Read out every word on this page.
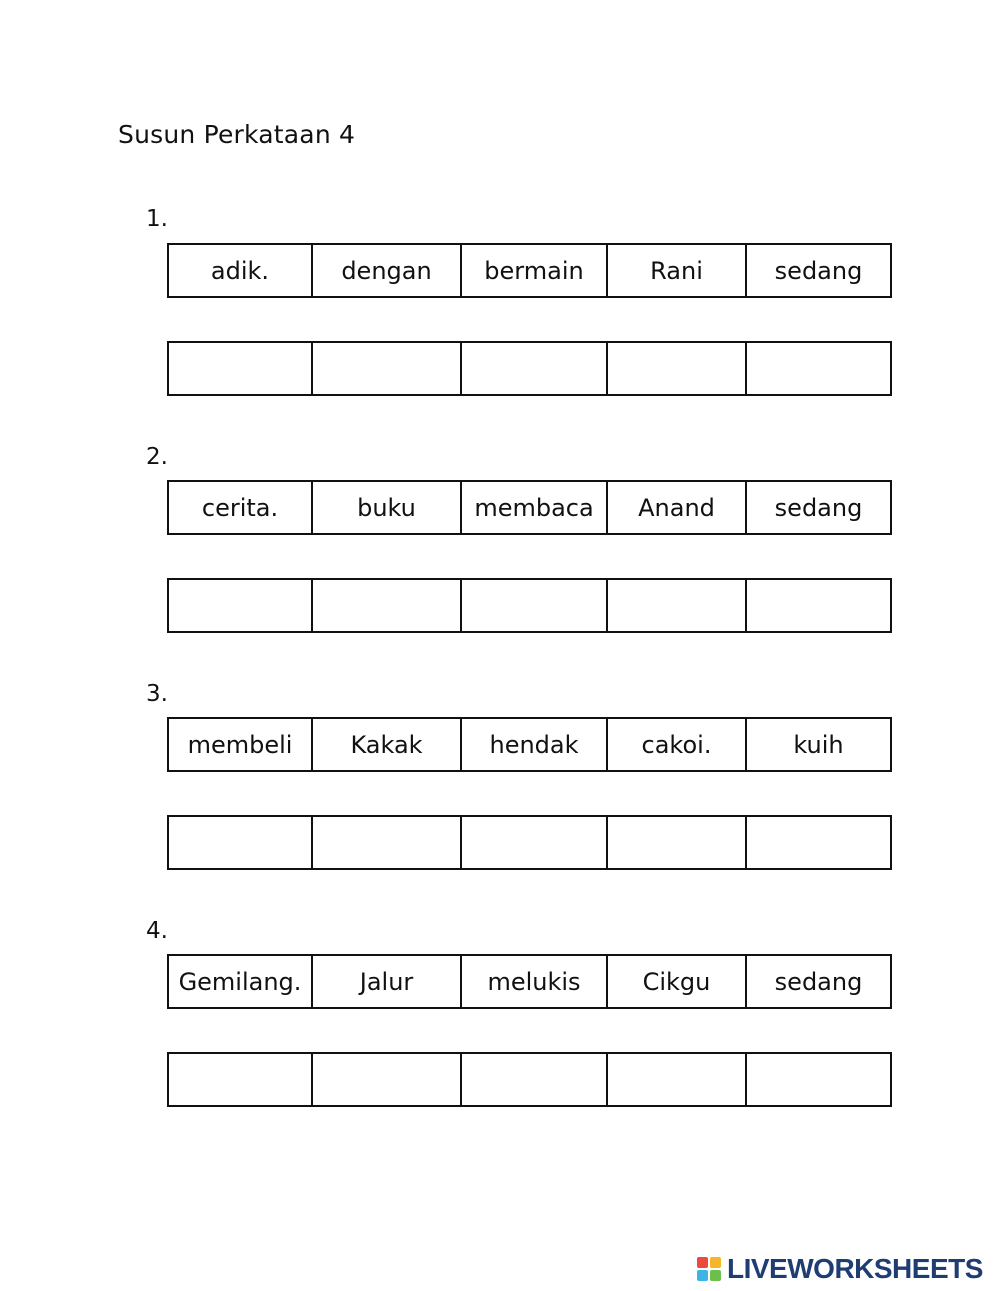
Susun Perkataan 4
1.
adik.	dengan	bermain	Rani	sedang

2.
cerita.	buku	membaca	Anand	sedang

3.
membeli	Kakak	hendak	cakoi.	kuih

4.
Gemilang.	Jalur	melukis	Cikgu	sedang

LIVEWORKSHEETS
